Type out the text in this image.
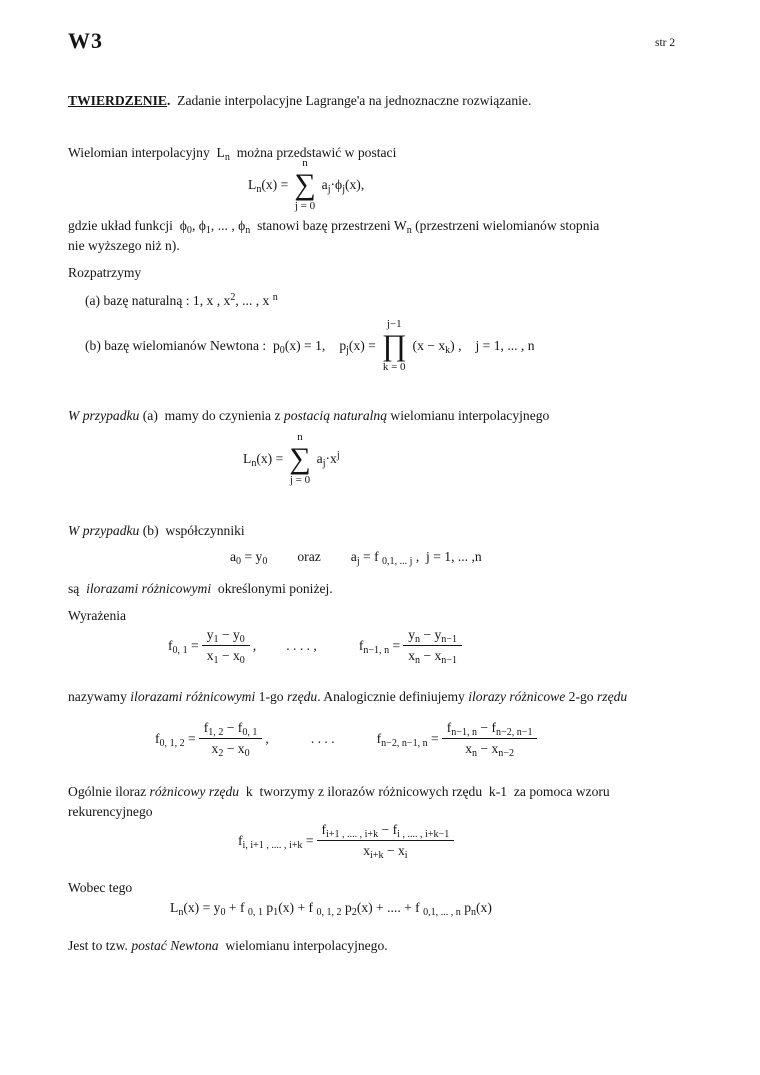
W3	str 2
TWIERDZENIE.  Zadanie interpolacyjne Lagrange'a na jednoznaczne rozwiązanie.
Wielomian interpolacyjny  $L_n$  można przedstawić w postaci
$L_n(x)$ =
n
∑
j = 0
$a_j\cdot\phi_j(x)$,
gdzie układ funkcji  $\phi_0$, $\phi_1$, ... , $\phi_n$  stanowi bazę przestrzeni $W_n$ (przestrzeni wielomianów stopnia
nie wyższego niż n).
Rozpatrzymy
(a) bazę naturalną : 1, x , $x^2$, ... , x $^n$
(b) bazę wielomianów Newtona :  $p_0(x) = 1$, $p_j(x)$ =
j−1
∏
k = 0
$(x - x_k)$ , j = 1, ... , n
W przypadku (a)  mamy do czynienia z postacią naturalną wielomianu interpolacyjnego
$L_n(x)$ =
n
∑
j = 0
$a_j\cdot x^j$
W przypadku (b)  współczynniki
$a_0 = y_0$ oraz $a_j = f$ $_{0,1, ... j}$ ,  j = 1, ... ,n
są  ilorazami różnicowymi  określonymi poniżej.
Wyrażenia
$f_{0, 1} = \frac{y_1 - y_0}{x_1 - x_0}$ , . . . . ,	$f_{n-1, n} = \frac{y_n - y_{n-1}}{x_n - x_{n-1}}$
nazywamy ilorazami różnicowymi 1-go rzędu. Analogicznie definiujemy ilorazy różnicowe 2-go rzędu
$f_{0, 1, 2} = \frac{f_{1, 2} - f_{0, 1}}{x_2 - x_0}$ ,	. . . .	$f_{n-2, n-1, n} = \frac{f_{n-1, n} - f_{n-2, n-1}}{x_n - x_{n-2}}$
Ogólnie iloraz różnicowy rzędu  k  tworzymy z ilorazów różnicowych rzędu  k-1  za pomoca wzoru
rekurencyjnego
$f_{i, i+1 , .... , i+k} = \frac{f_{i+1 , .... , i+k} - f_{i , .... , i+k-1}}{x_{i+k} - x_i}$
Wobec tego
$L_n(x) = y_0 + f$ $_{0, 1}$ $p_1(x) + f$ $_{0, 1, 2}$ $p_2(x)$ + .... + f $_{0,1, ... , n}$ $p_n(x)$
Jest to tzw. postać Newtona  wielomianu interpolacyjnego.
